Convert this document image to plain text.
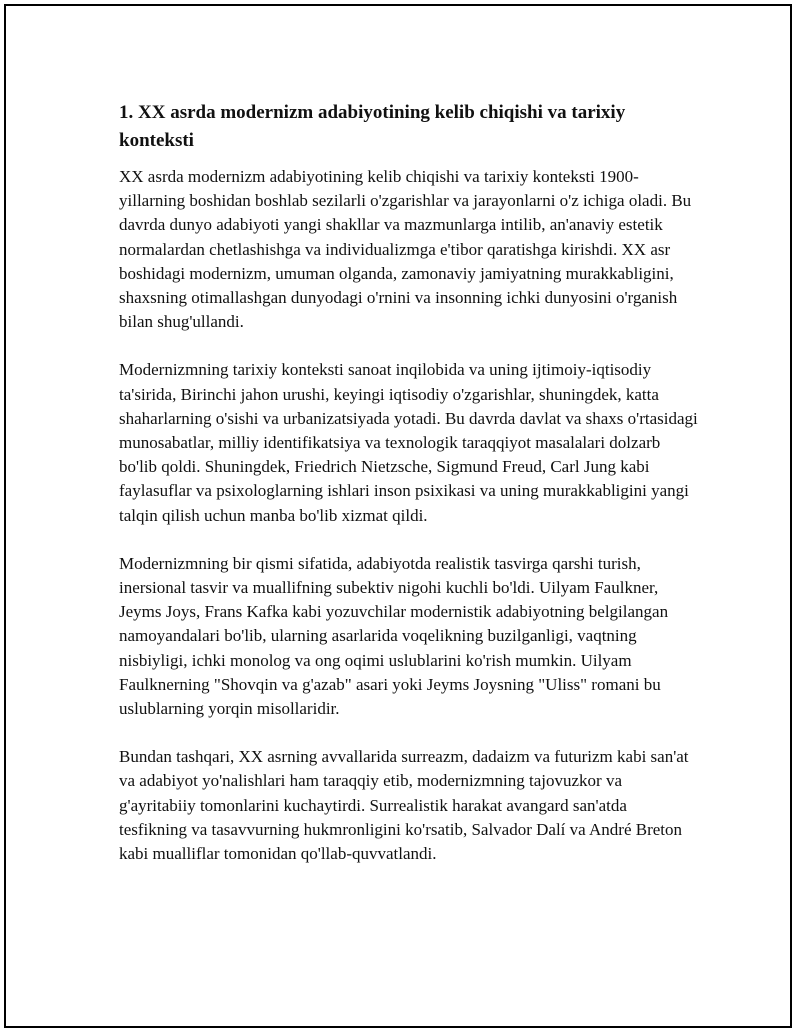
1. XX asrda modernizm adabiyotining kelib chiqishi va tarixiy konteksti

XX asrda modernizm adabiyotining kelib chiqishi va tarixiy konteksti 1900-yillarning boshidan boshlab sezilarli o'zgarishlar va jarayonlarni o'z ichiga oladi. Bu davrda dunyo adabiyoti yangi shakllar va mazmunlarga intilib, an'anaviy estetik normalardan chetlashishga va individualizmga e'tibor qaratishga kirishdi. XX asr boshidagi modernizm, umuman olganda, zamonaviy jamiyatning murakkabligini, shaxsning otimallashgan dunyodagi o'rnini va insonning ichki dunyosini o'rganish bilan shug'ullandi.

Modernizmning tarixiy konteksti sanoat inqilobida va uning ijtimoiy-iqtisodiy ta'sirida, Birinchi jahon urushi, keyingi iqtisodiy o'zgarishlar, shuningdek, katta shaharlarning o'sishi va urbanizatsiyada yotadi. Bu davrda davlat va shaxs o'rtasidagi munosabatlar, milliy identifikatsiya va texnologik taraqqiyot masalalari dolzarb bo'lib qoldi. Shuningdek, Friedrich Nietzsche, Sigmund Freud, Carl Jung kabi faylasuflar va psixologlarning ishlari inson psixikasi va uning murakkabligini yangi talqin qilish uchun manba bo'lib xizmat qildi.

Modernizmning bir qismi sifatida, adabiyotda realistik tasvirga qarshi turish, inersional tasvir va muallifning subektiv nigohi kuchli bo'ldi. Uilyam Faulkner, Jeyms Joys, Frans Kafka kabi yozuvchilar modernistik adabiyotning belgilangan namoyandalari bo'lib, ularning asarlarida voqelikning buzilganligi, vaqtning nisbiyligi, ichki monolog va ong oqimi uslublarini ko'rish mumkin. Uilyam Faulknerning "Shovqin va g'azab" asari yoki Jeyms Joysning "Uliss" romani bu uslublarning yorqin misollaridir.

Bundan tashqari, XX asrning avvallarida surreazm, dadaizm va futurizm kabi san'at va adabiyot yo'nalishlari ham taraqqiy etib, modernizmning tajovuzkor va g'ayritabiiy tomonlarini kuchaytirdi. Surrealistik harakat avangard san'atda tesfikning va tasavvurning hukmronligini ko'rsatib, Salvador Dalí va André Breton kabi mualliflar tomonidan qo'llab-quvvatlandi.
